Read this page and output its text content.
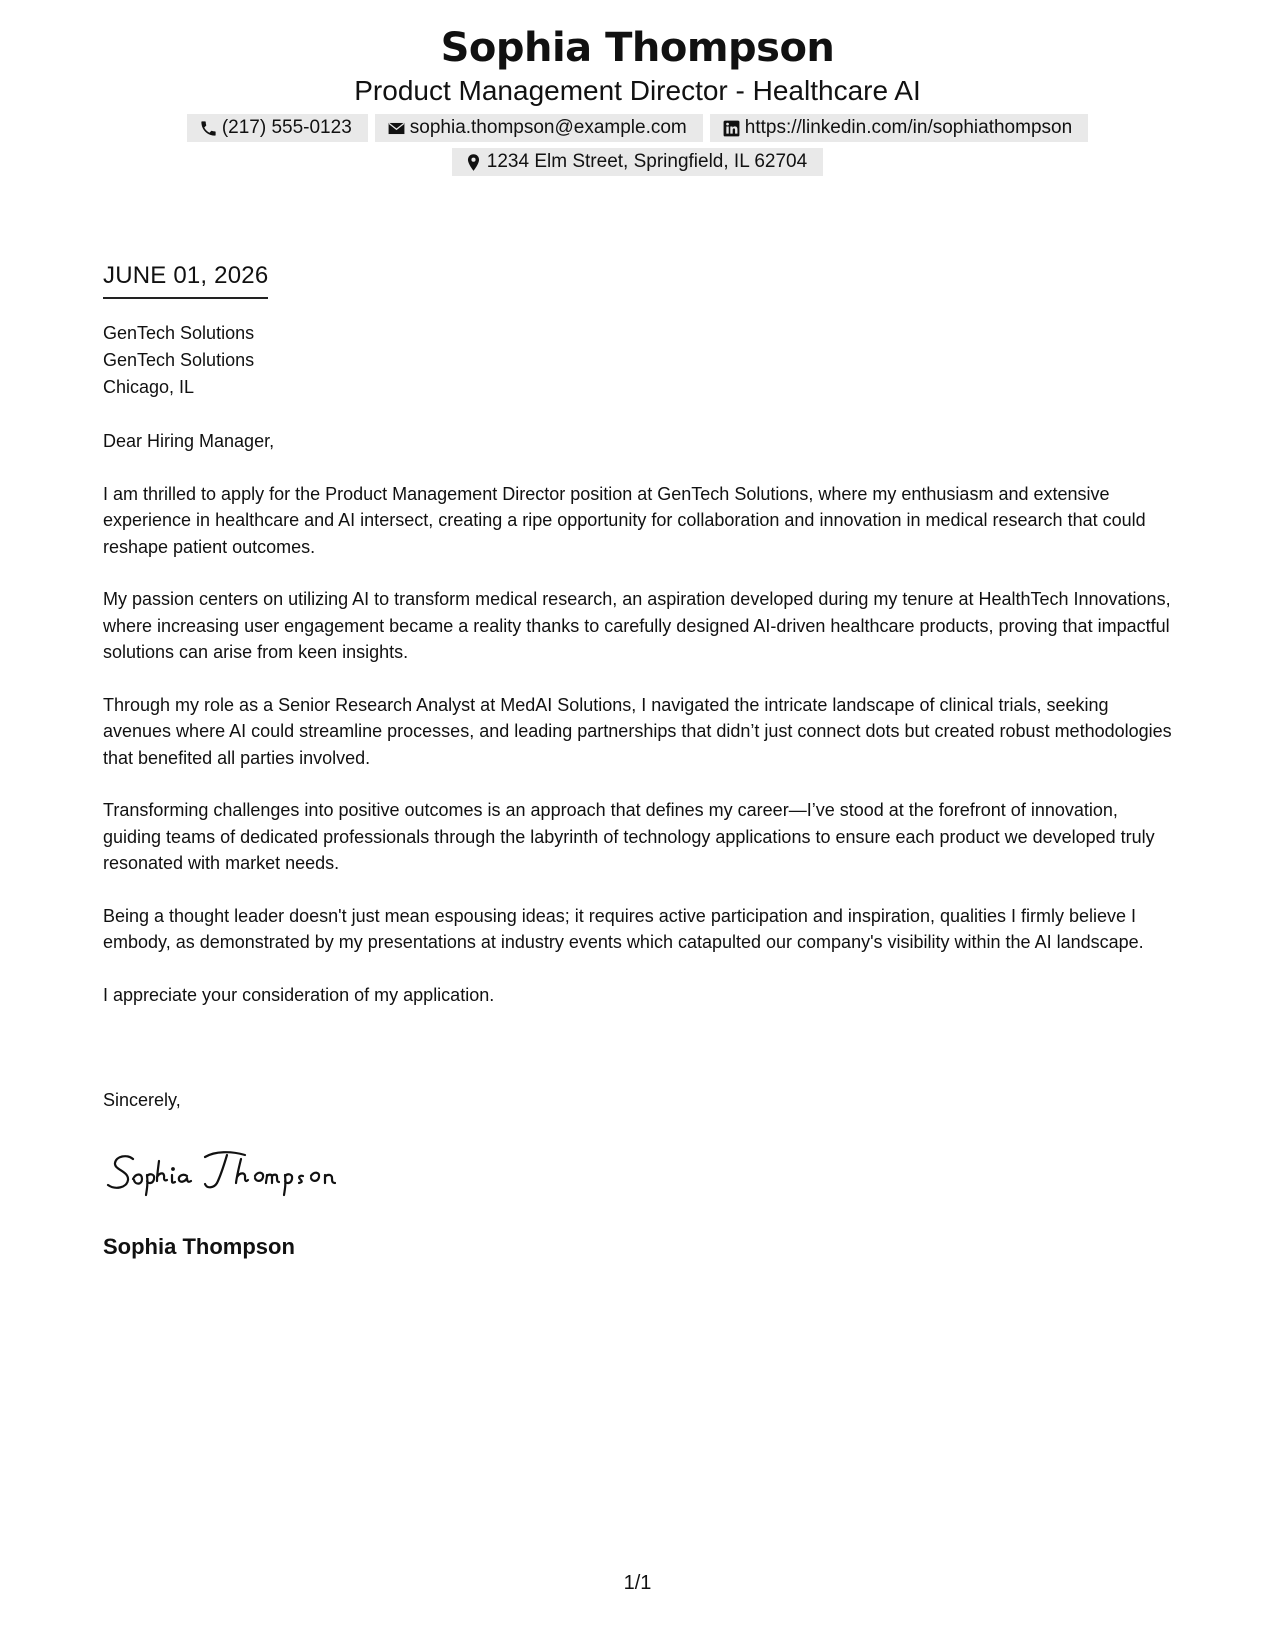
Sophia Thompson
Product Management Director - Healthcare AI
(217) 555-0123	sophia.thompson@example.com	https://linkedin.com/in/sophiathompson
1234 Elm Street, Springfield, IL 62704
JUNE 01, 2026
GenTech Solutions
GenTech Solutions
Chicago, IL

Dear Hiring Manager,

I am thrilled to apply for the Product Management Director position at GenTech Solutions, where my enthusiasm and extensive experience in healthcare and AI intersect, creating a ripe opportunity for collaboration and innovation in medical research that could reshape patient outcomes.

My passion centers on utilizing AI to transform medical research, an aspiration developed during my tenure at HealthTech Innovations, where increasing user engagement became a reality thanks to carefully designed AI-driven healthcare products, proving that impactful solutions can arise from keen insights.

Through my role as a Senior Research Analyst at MedAI Solutions, I navigated the intricate landscape of clinical trials, seeking avenues where AI could streamline processes, and leading partnerships that didn’t just connect dots but created robust methodologies that benefited all parties involved.

Transforming challenges into positive outcomes is an approach that defines my career—I’ve stood at the forefront of innovation, guiding teams of dedicated professionals through the labyrinth of technology applications to ensure each product we developed truly resonated with market needs.

Being a thought leader doesn't just mean espousing ideas; it requires active participation and inspiration, qualities I firmly believe I embody, as demonstrated by my presentations at industry events which catapulted our company's visibility within the AI landscape.

I appreciate your consideration of my application.

Sincerely,
Sophia Thompson
1/1
